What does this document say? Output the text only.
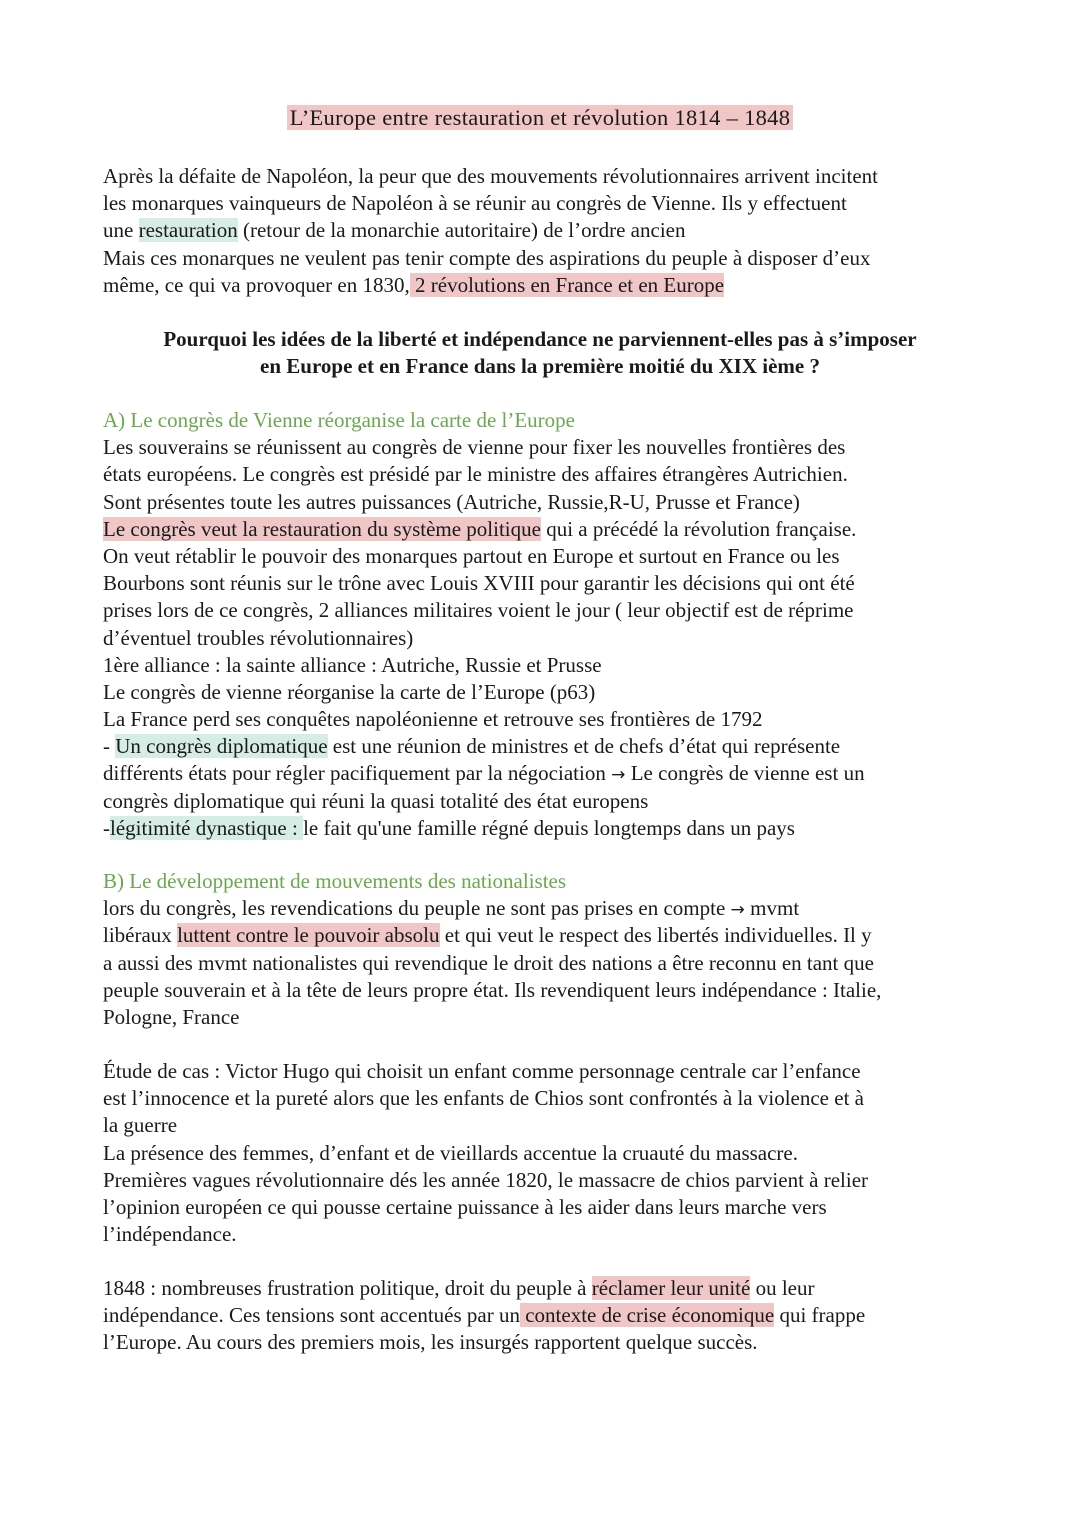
L’Europe entre restauration et révolution 1814 – 1848
Après la défaite de Napoléon, la peur que des mouvements révolutionnaires arrivent incitent
les monarques vainqueurs de Napoléon à se réunir au congrès de Vienne. Ils y effectuent
une restauration (retour de la monarchie autoritaire) de l’ordre ancien
Mais ces monarques ne veulent pas tenir compte des aspirations du peuple à disposer d’eux
même, ce qui va provoquer en 1830, 2 révolutions en France et en Europe
Pourquoi les idées de la liberté et indépendance ne parviennent-elles pas à s’imposer
en Europe et en France dans la première moitié du XIX ième ?
A) Le congrès de Vienne réorganise la carte de l’Europe
Les souverains se réunissent au congrès de vienne pour fixer les nouvelles frontières des
états européens. Le congrès est présidé par le ministre des affaires étrangères Autrichien.
Sont présentes toute les autres puissances (Autriche, Russie,R-U, Prusse et France)
Le congrès veut la restauration du système politique qui a précédé la révolution française.
On veut rétablir le pouvoir des monarques partout en Europe et surtout en France ou les
Bourbons sont réunis sur le trône avec Louis XVIII pour garantir les décisions qui ont été
prises lors de ce congrès, 2 alliances militaires voient le jour ( leur objectif est de réprime
d’éventuel troubles révolutionnaires)
1ère alliance : la sainte alliance : Autriche, Russie et Prusse
Le congrès de vienne réorganise la carte de l’Europe (p63)
La France perd ses conquêtes napoléonienne et retrouve ses frontières de 1792
- Un congrès diplomatique est une réunion de ministres et de chefs d’état qui représente
différents états pour régler pacifiquement par la négociation → Le congrès de vienne est un
congrès diplomatique qui réuni la quasi totalité des état europens
-légitimité dynastique : le fait qu'une famille régné depuis longtemps dans un pays
B) Le développement de mouvements des nationalistes
lors du congrès, les revendications du peuple ne sont pas prises en compte → mvmt
libéraux luttent contre le pouvoir absolu et qui veut le respect des libertés individuelles. Il y
a aussi des mvmt nationalistes qui revendique le droit des nations a être reconnu en tant que
peuple souverain et à la tête de leurs propre état. Ils revendiquent leurs indépendance : Italie,
Pologne, France
Étude de cas : Victor Hugo qui choisit un enfant comme personnage centrale car l’enfance
est l’innocence et la pureté alors que les enfants de Chios sont confrontés à la violence et à
la guerre
La présence des femmes, d’enfant et de vieillards accentue la cruauté du massacre.
Premières vagues révolutionnaire dés les année 1820, le massacre de chios parvient à relier
l’opinion européen ce qui pousse certaine puissance à les aider dans leurs marche vers
l’indépendance.
1848 : nombreuses frustration politique, droit du peuple à réclamer leur unité ou leur
indépendance. Ces tensions sont accentués par un contexte de crise économique qui frappe
l’Europe. Au cours des premiers mois, les insurgés rapportent quelque succès.
